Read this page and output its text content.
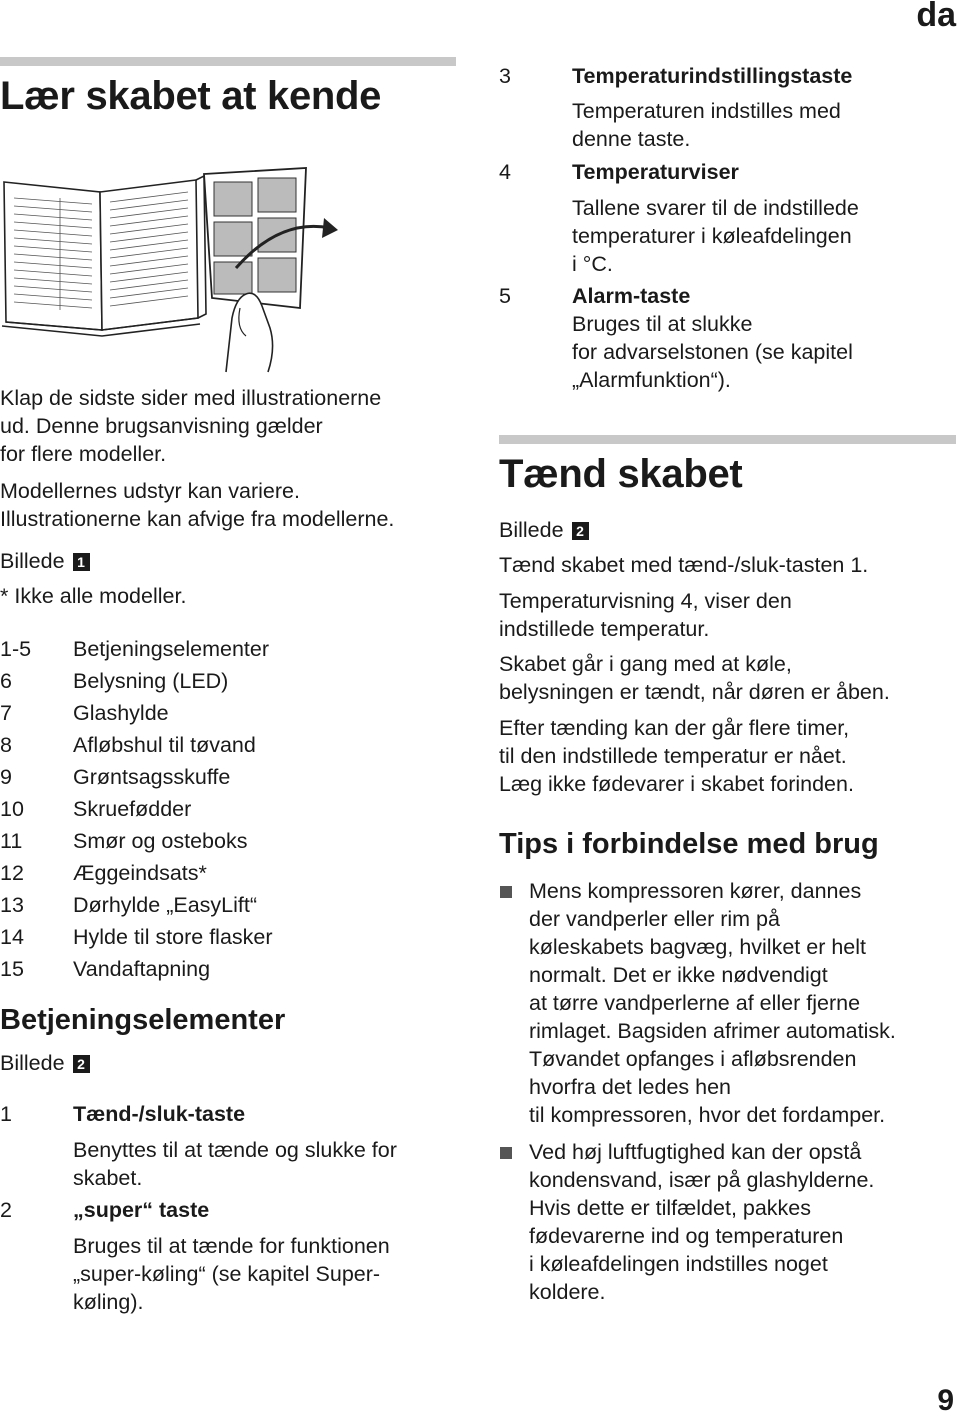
da
9
Lær skabet at kende
Klap de sidste sider med illustrationerne
ud. Denne brugsanvisning gælder
for flere modeller.
Modellernes udstyr kan variere.
Illustrationerne kan afvige fra modellerne.
Billede 1
* Ikke alle modeller.
1-5 Betjeningselementer
6	Belysning (LED)
7	Glashylde
8	Afløbshul til tøvand
9	Grøntsagsskuffe
10 Skruefødder
11 Smør og osteboks
12 Æggeindsats*
13 Dørhylde „EasyLift“
14 Hylde til store flasker
15 Vandaftapning
Betjeningselementer
Billede 2
1	Tænd-/sluk-taste
Benyttes til at tænde og slukke for
skabet.
2	„super“ taste
Bruges til at tænde for funktionen
„super-køling“ (se kapitel Super-
køling).
3	Temperaturindstillingstaste
Temperaturen indstilles med
denne taste.
4	Temperaturviser
Tallene svarer til de indstillede
temperaturer i køleafdelingen
i °C.
5	Alarm-taste
Bruges til at slukke
for advarselstonen (se kapitel
„Alarmfunktion“).
Tænd skabet
Billede 2
Tænd skabet med tænd-/sluk-tasten 1.
Temperaturvisning 4, viser den
indstillede temperatur.
Skabet går i gang med at køle,
belysningen er tændt, når døren er åben.
Efter tænding kan der går flere timer,
til den indstillede temperatur er nået.
Læg ikke fødevarer i skabet forinden.
Tips i forbindelse med brug
Mens kompressoren kører, dannes
der vandperler eller rim på
køleskabets bagvæg, hvilket er helt
normalt. Det er ikke nødvendigt
at tørre vandperlerne af eller fjerne
rimlaget. Bagsiden afrimer automatisk.
Tøvandet opfanges i afløbsrenden
hvorfra det ledes hen
til kompressoren, hvor det fordamper.
Ved høj luftfugtighed kan der opstå
kondensvand, især på glashylderne.
Hvis dette er tilfældet, pakkes
fødevarerne ind og temperaturen
i køleafdelingen indstilles noget
koldere.
